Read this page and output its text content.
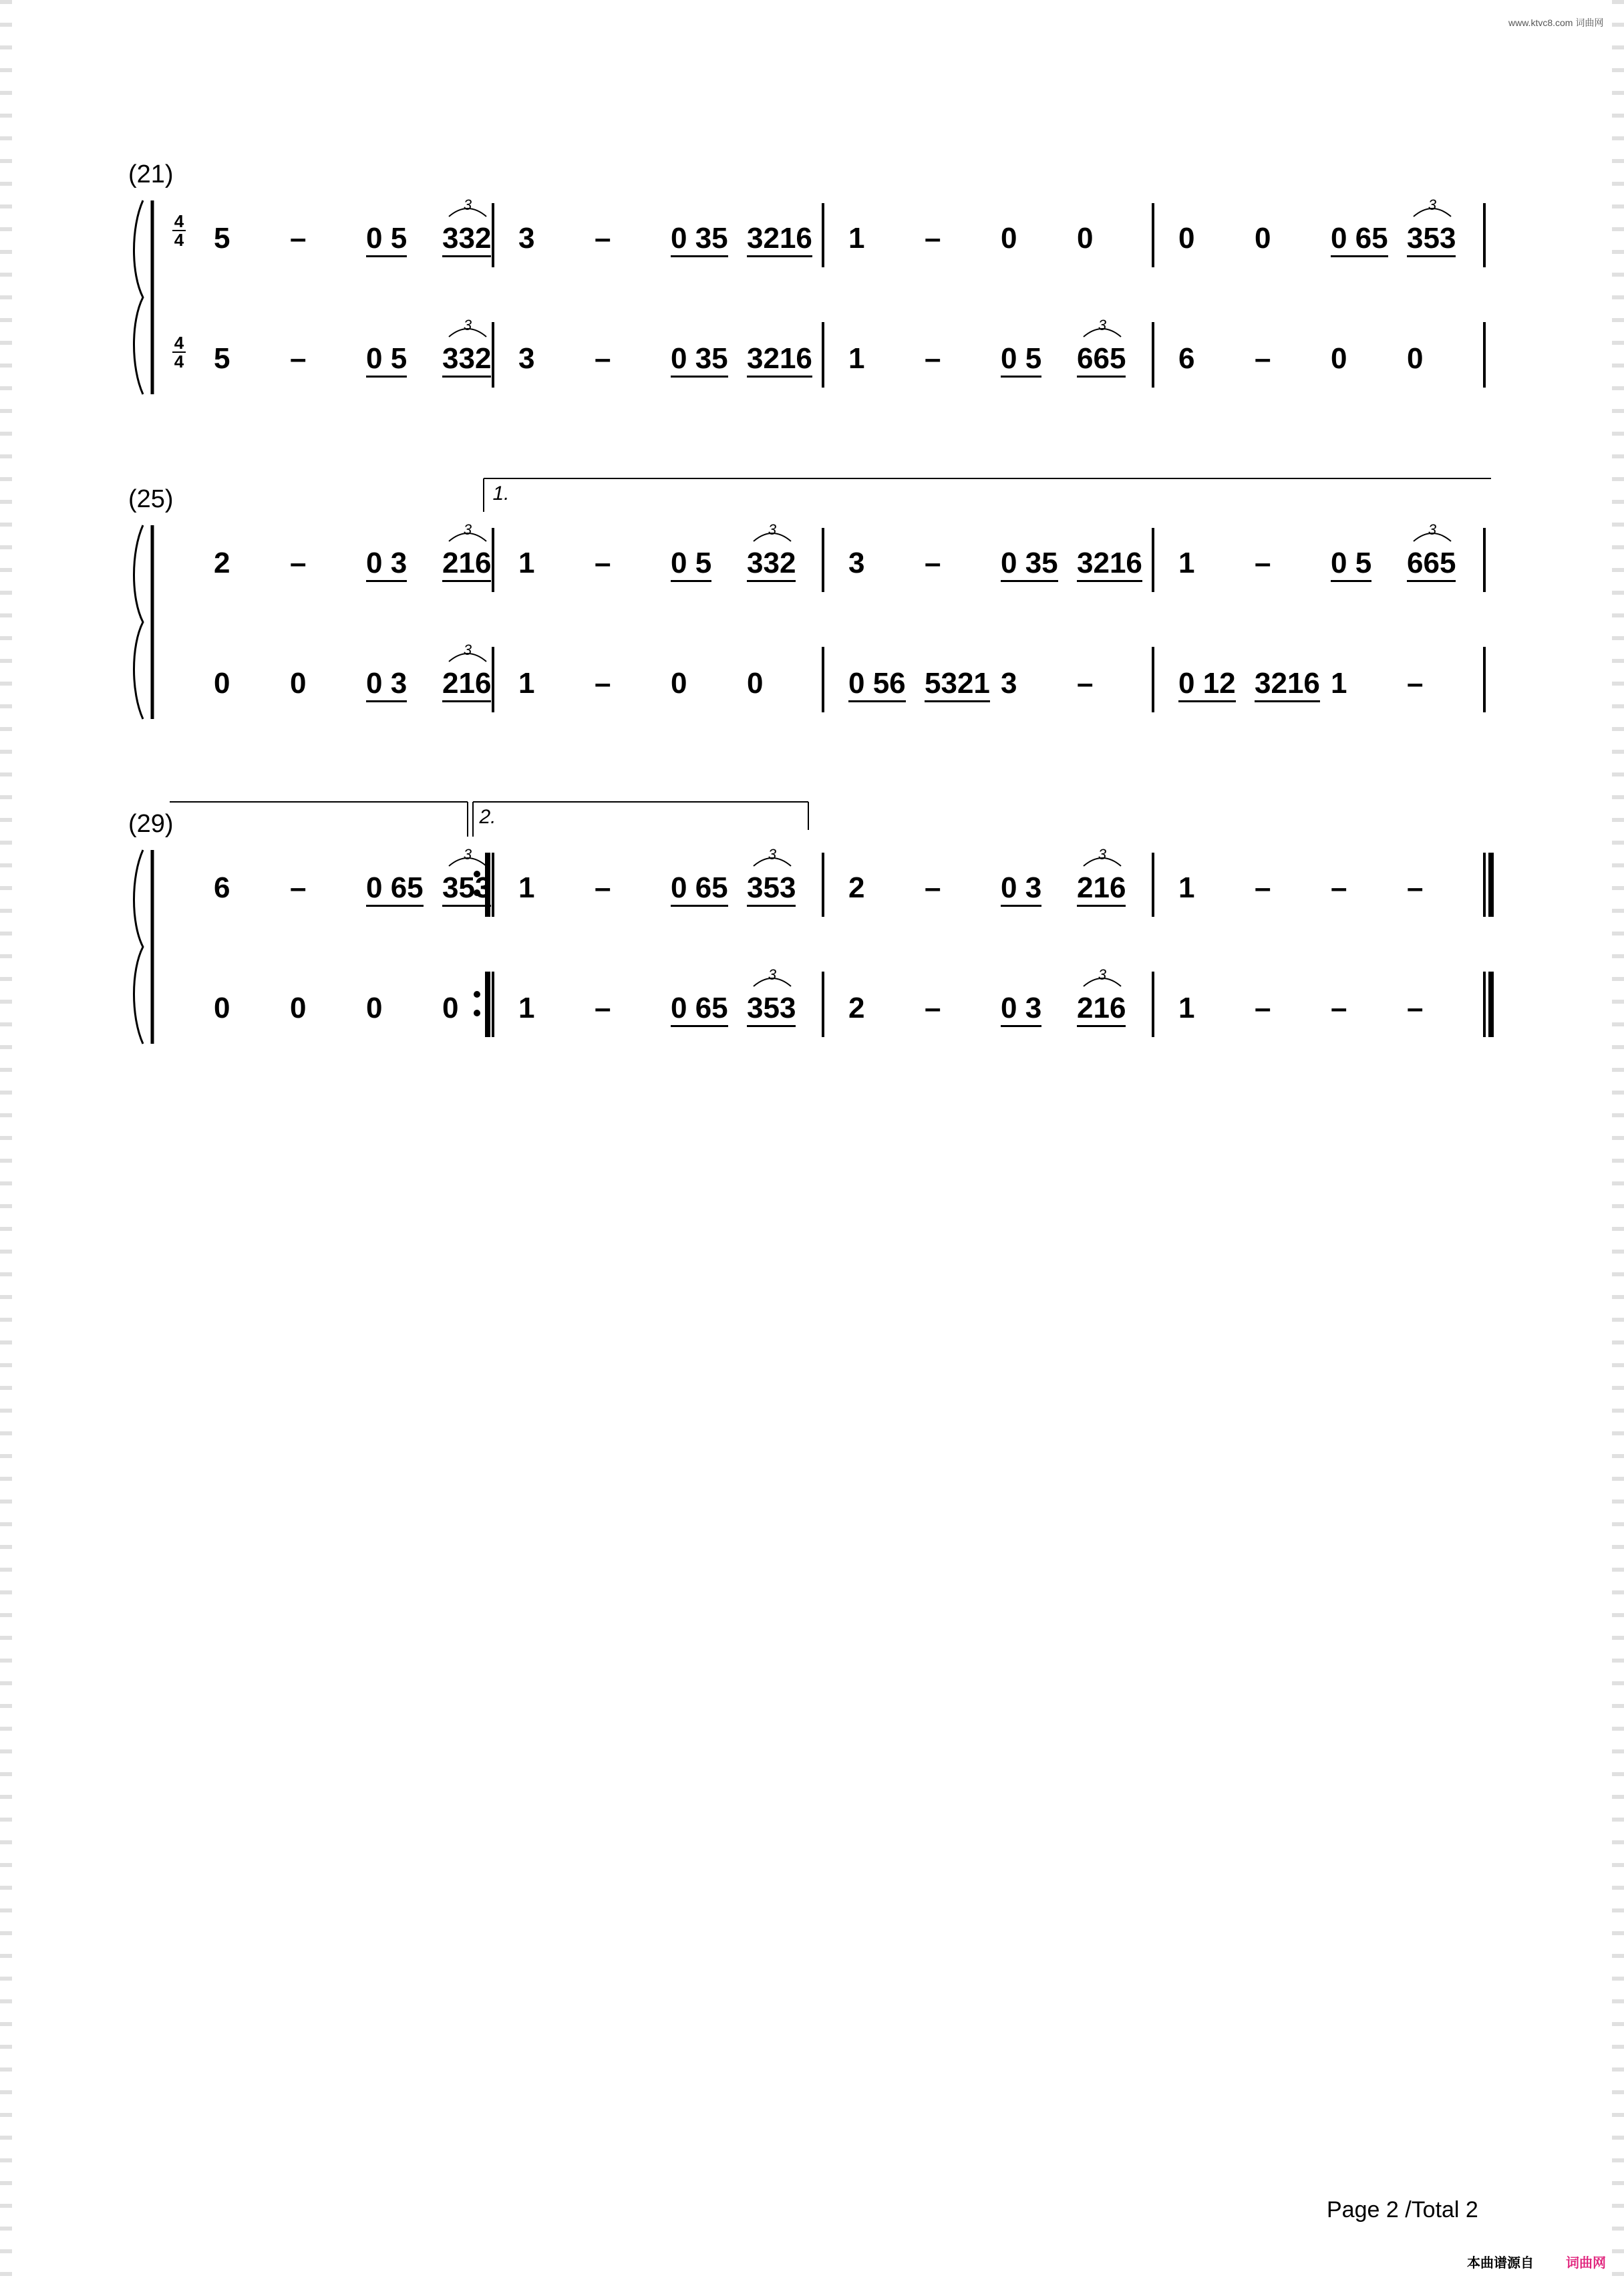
www.ktvc8.com 词曲网
(21)
(25)
(29)
4
4
4
4
Page 2 /Total 2
本曲谱源自 词曲网
3	3
3	3
1.
3	3	3
3
2.
3	3	3
3	3
5 – 0 5 332 3 – 0 35 3216 1 – 0 0	0 0 0 65 353
5 – 0 5 332 3 – 0 35 3216 1 – 0 5 665 6 – 0 0
2 – 0 3 216 1 – 0 5 332 3 – 0 35 3216 1 – 0 5 665
0 0 0 3 216 1 – 0 0	0 56 5321 3 –	0 12 3216 1 –
6 – 0 65 353 1 – 0 65 353 2 – 0 3 216 1 – – –
0 0 0 0 1 – 0 65 353 2 – 0 3 216 1 – – –
